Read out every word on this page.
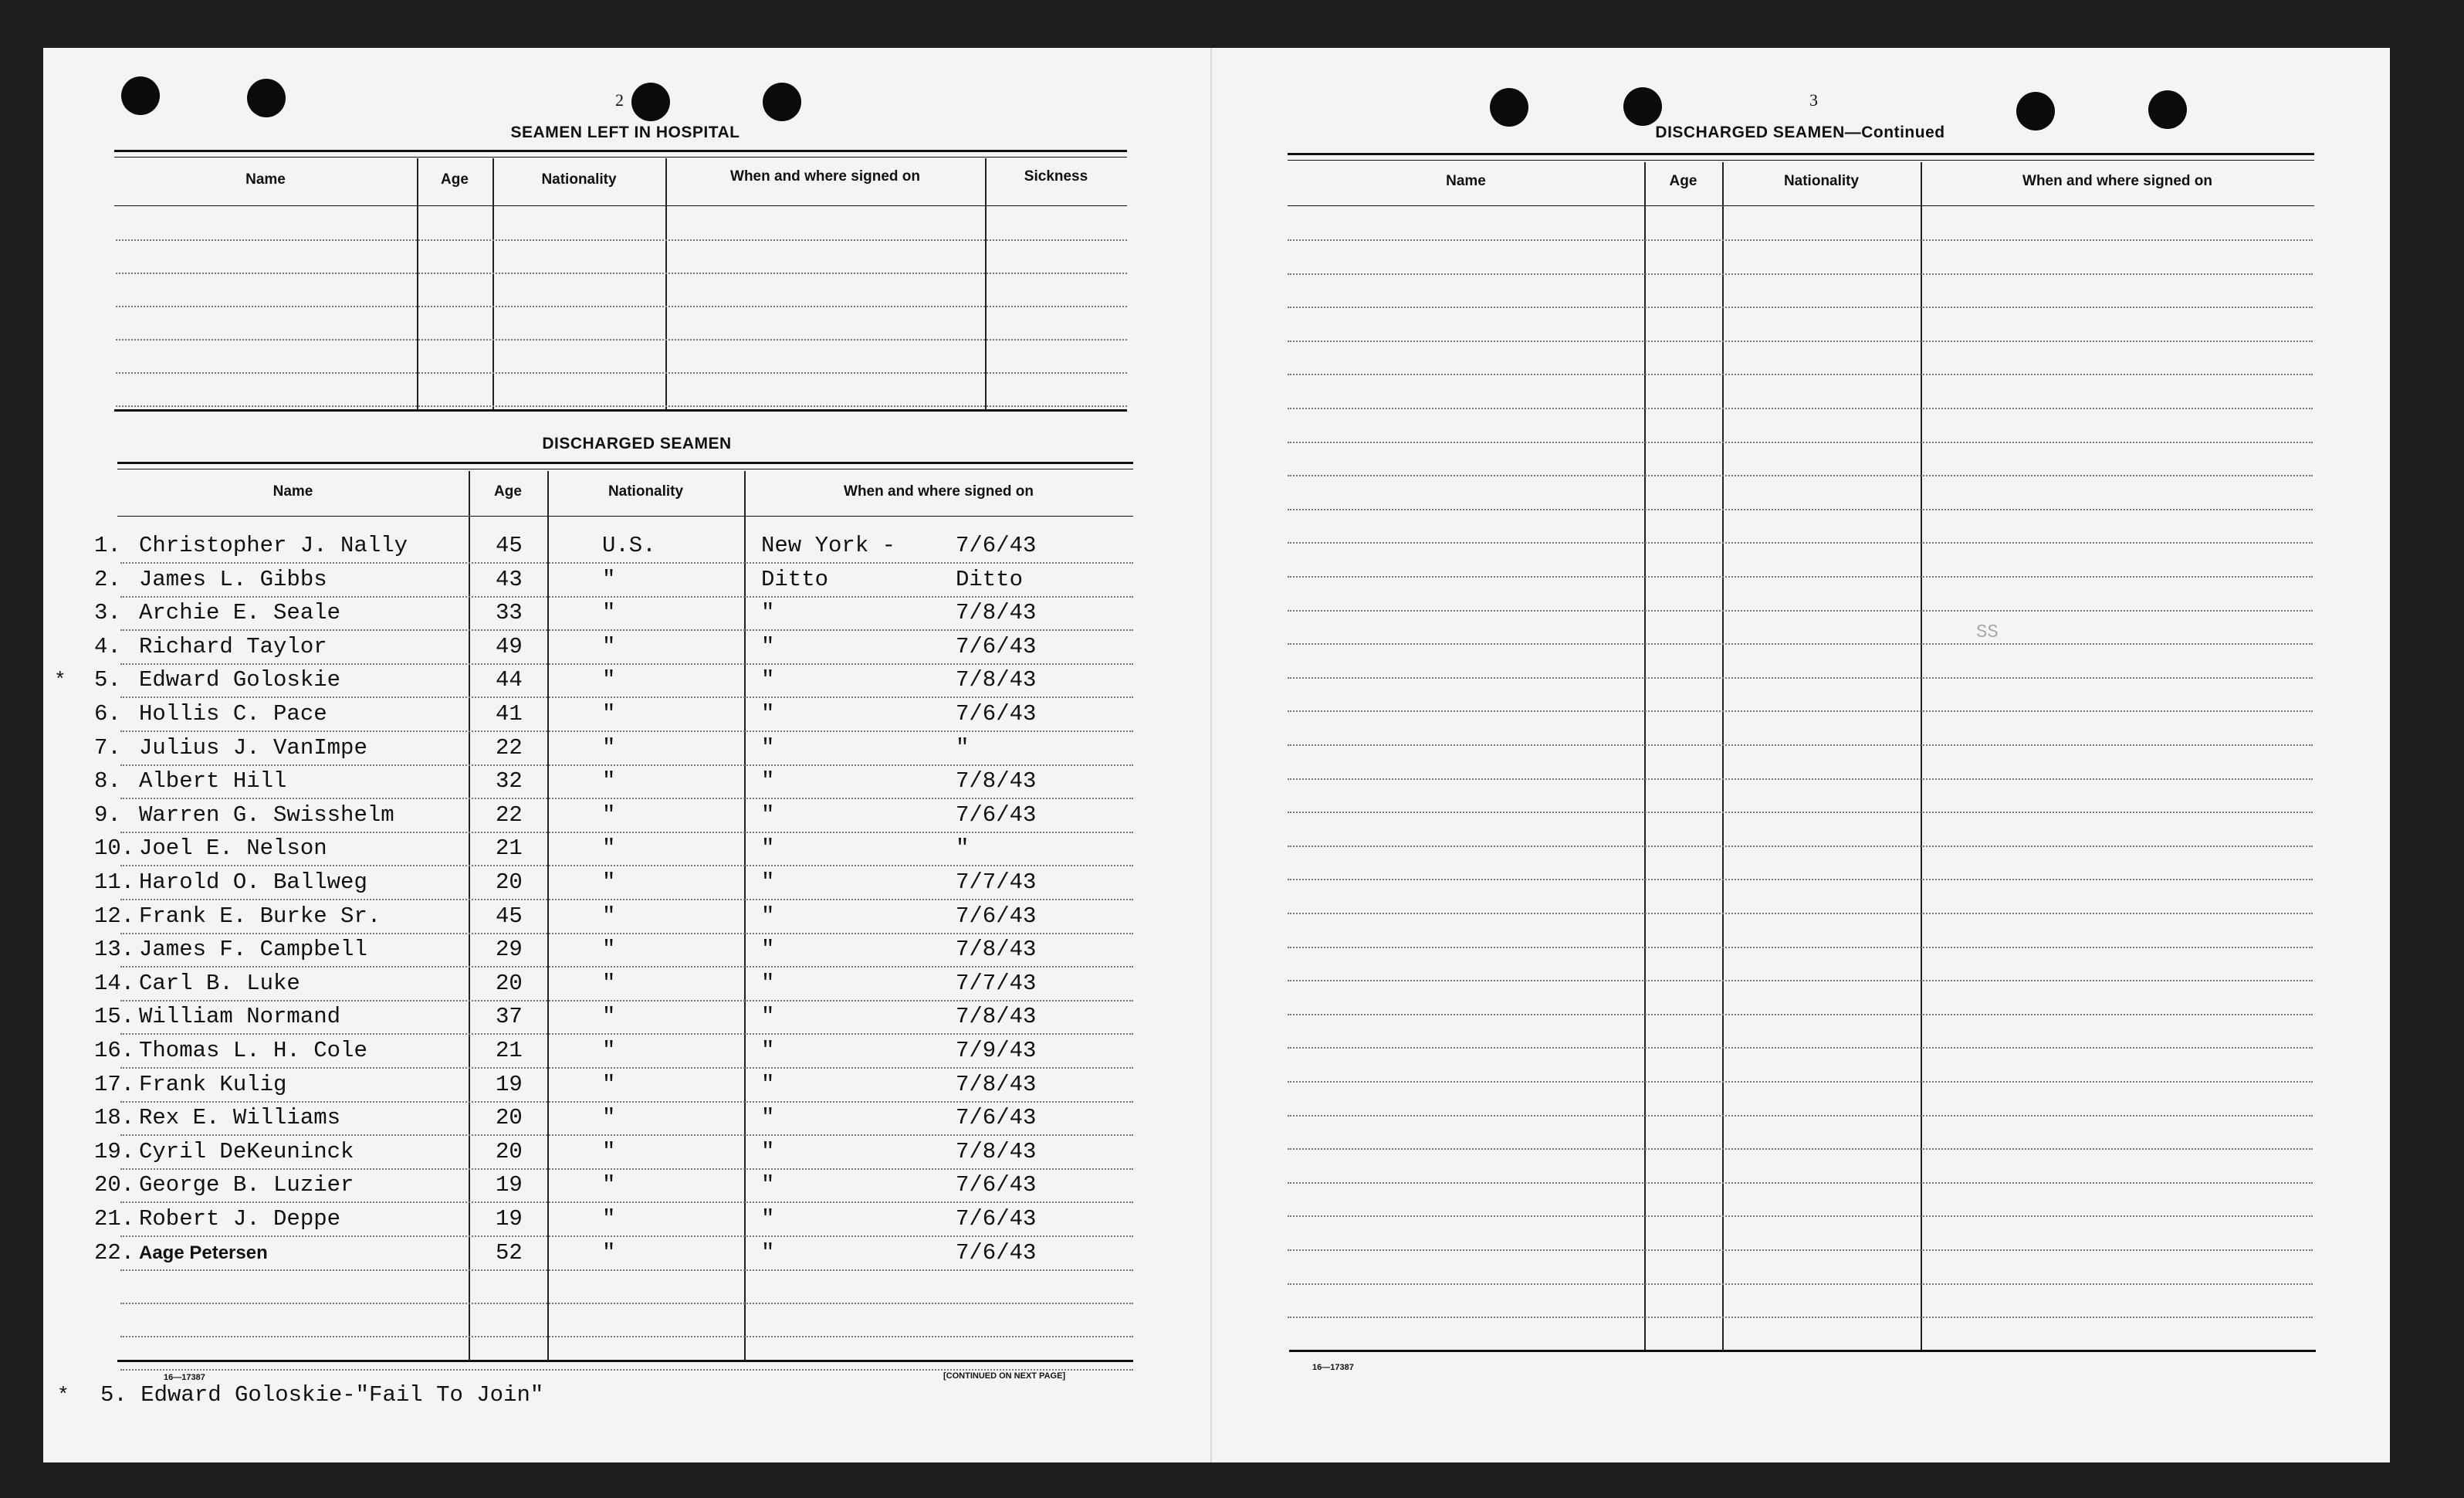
2
SEAMEN LEFT IN HOSPITAL
Name	Age	Nationality	When and where signed on	Sickness
DISCHARGED SEAMEN
Name	Age	Nationality	When and where signed on
1. Christopher J. Nally	45	U.S.	New York -	7/6/43
2. James L. Gibbs	43	"	Ditto	Ditto
3. Archie E. Seale	33	"	"	7/8/43
4. Richard Taylor	49	"	"	7/6/43
5. Edward Goloskie	44	"	"	7/8/43
*
6. Hollis C. Pace	41	"	"	7/6/43
7. Julius J. VanImpe	22	"	"	"
8. Albert Hill	32	"	"	7/8/43
9. Warren G. Swisshelm	22	"	"	7/6/43
10. Joel E. Nelson	21	"	"	"
11. Harold O. Ballweg	20	"	"	7/7/43
12. Frank E. Burke Sr.	45	"	"	7/6/43
13. James F. Campbell	29	"	"	7/8/43
14. Carl B. Luke	20	"	"	7/7/43
15. William Normand	37	"	"	7/8/43
16. Thomas L. H. Cole	21	"	"	7/9/43
17. Frank Kulig	19	"	"	7/8/43
18. Rex E. Williams	20	"	"	7/6/43
19. Cyril DeKeuninck	20	"	"	7/8/43
20. George B. Luzier	19	"	"	7/6/43
21. Robert J. Deppe	19	"	"	7/6/43
22. Aage Petersen	52	"	"	7/6/43
16—17387	[CONTINUED ON NEXT PAGE]
* 5. Edward Goloskie-"Fail To Join"
3
DISCHARGED SEAMEN—Continued
Name	Age	Nationality	When and where signed on
SS
16—17387
